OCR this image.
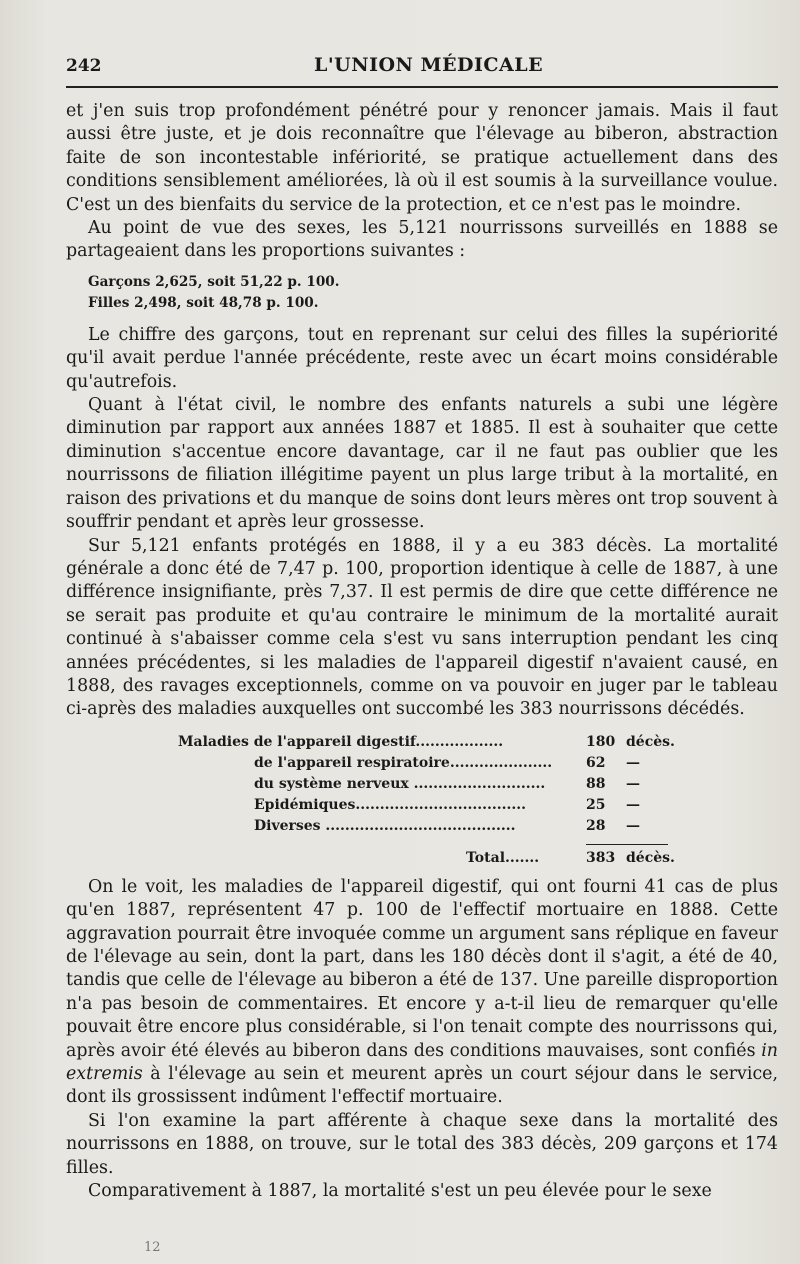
242	L'UNION MÉDICALE

et j'en suis trop profondément pénétré pour y renoncer jamais. Mais il faut aussi être juste, et je dois reconnaître que l'élevage au biberon, abstraction faite de son incontestable infériorité, se pratique actuellement dans des conditions sensiblement améliorées, là où il est soumis à la surveillance voulue. C'est un des bienfaits du service de la protection, et ce n'est pas le moindre.

Au point de vue des sexes, les 5,121 nourrissons surveillés en 1888 se partageaient dans les proportions suivantes :

Garçons 2,625, soit 51,22 p. 100.
Filles 2,498, soit 48,78 p. 100.

Le chiffre des garçons, tout en reprenant sur celui des filles la supériorité qu'il avait perdue l'année précédente, reste avec un écart moins considérable qu'autrefois.

Quant à l'état civil, le nombre des enfants naturels a subi une légère diminution par rapport aux années 1887 et 1885. Il est à souhaiter que cette diminution s'accentue encore davantage, car il ne faut pas oublier que les nourrissons de filiation illégitime payent un plus large tribut à la mortalité, en raison des privations et du manque de soins dont leurs mères ont trop souvent à souffrir pendant et après leur grossesse.

Sur 5,121 enfants protégés en 1888, il y a eu 383 décès. La mortalité générale a donc été de 7,47 p. 100, proportion identique à celle de 1887, à une différence insignifiante, près 7,37. Il est permis de dire que cette différence ne se serait pas produite et qu'au contraire le minimum de la mortalité aurait continué à s'abaisser comme cela s'est vu sans interruption pendant les cinq années précédentes, si les maladies de l'appareil digestif n'avaient causé, en 1888, des ravages exceptionnels, comme on va pouvoir en juger par le tableau ci-après des maladies auxquelles ont succombé les 383 nourrissons décédés.

Maladies de l'appareil digestif..................	180 décès.
de l'appareil respiratoire.....................	62	—
du système nerveux ...........................	88	—
Epidémiques...................................	25	—
Diverses .......................................	28	—
Total.......	383 décès.

On le voit, les maladies de l'appareil digestif, qui ont fourni 41 cas de plus qu'en 1887, représentent 47 p. 100 de l'effectif mortuaire en 1888. Cette aggravation pourrait être invoquée comme un argument sans réplique en faveur de l'élevage au sein, dont la part, dans les 180 décès dont il s'agit, a été de 40, tandis que celle de l'élevage au biberon a été de 137. Une pareille disproportion n'a pas besoin de commentaires. Et encore y a-t-il lieu de remarquer qu'elle pouvait être encore plus considérable, si l'on tenait compte des nourrissons qui, après avoir été élevés au biberon dans des conditions mauvaises, sont confiés in extremis à l'élevage au sein et meurent après un court séjour dans le service, dont ils grossissent indûment l'effectif mortuaire.

Si l'on examine la part afférente à chaque sexe dans la mortalité des nourrissons en 1888, on trouve, sur le total des 383 décès, 209 garçons et 174 filles.

Comparativement à 1887, la mortalité s'est un peu élevée pour le sexe

12
